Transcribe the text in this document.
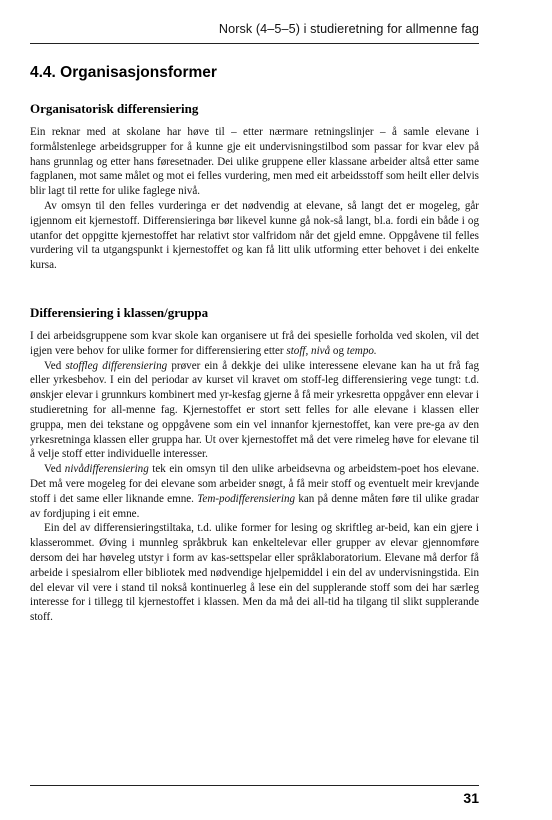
Norsk (4–5–5) i studieretning for allmenne fag
4.4. Organisasjonsformer
Organisatorisk differensiering

Ein reknar med at skolane har høve til – etter nærmare retningslinjer – å samle elevane i formålstenlege arbeidsgrupper for å kunne gje eit undervisningstilbod som passar for kvar elev på hans grunnlag og etter hans føresetnader. Dei ulike gruppene eller klassane arbeider altså etter same fagplanen, mot same målet og mot ei felles vurdering, men med eit arbeidsstoff som heilt eller delvis blir lagt til rette for ulike faglege nivå.

Av omsyn til den felles vurderinga er det nødvendig at elevane, så langt det er mogeleg, går igjennom eit kjernestoff. Differensieringa bør likevel kunne gå nok-så langt, bl.a. fordi ein både i og utanfor det oppgitte kjernestoffet har relativt stor valfridom når det gjeld emne. Oppgåvene til felles vurdering vil ta utgangspunkt i kjernestoffet og kan få litt ulik utforming etter behovet i dei enkelte kursa.

Differensiering i klassen/gruppa

I dei arbeidsgruppene som kvar skole kan organisere ut frå dei spesielle forholda ved skolen, vil det igjen vere behov for ulike former for differensiering etter stoff, nivå og tempo.

Ved stoffleg differensiering prøver ein å dekkje dei ulike interessene elevane kan ha ut frå fag eller yrkesbehov. I ein del periodar av kurset vil kravet om stoff-leg differensiering vege tungt: t.d. ønskjer elevar i grunnkurs kombinert med yr-kesfag gjerne å få meir yrkesretta oppgåver enn elevar i studieretning for all-menne fag. Kjernestoffet er stort sett felles for alle elevane i klassen eller gruppa, men dei tekstane og oppgåvene som ein vel innanfor kjernestoffet, kan vere pre-ga av den yrkesretninga klassen eller gruppa har. Ut over kjernestoffet må det vere rimeleg høve for elevane til å velje stoff etter individuelle interesser.

Ved nivådifferensiering tek ein omsyn til den ulike arbeidsevna og arbeidstem-poet hos elevane. Det må vere mogeleg for dei elevane som arbeider snøgt, å få meir stoff og eventuelt meir krevjande stoff i det same eller liknande emne. Tem-podifferensiering kan på denne måten føre til ulike gradar av fordjuping i eit emne.

Ein del av differensieringstiltaka, t.d. ulike former for lesing og skriftleg ar-beid, kan ein gjere i klasserommet. Øving i munnleg språkbruk kan enkeltelevar eller grupper av elevar gjennomføre dersom dei har høveleg utstyr i form av kas-settspelar eller språklaboratorium. Elevane må derfor få arbeide i spesialrom eller bibliotek med nødvendige hjelpemiddel i ein del av undervisningstida. Ein del elevar vil vere i stand til nokså kontinuerleg å lese ein del supplerande stoff som dei har særleg interesse for i tillegg til kjernestoffet i klassen. Men da må dei all-tid ha tilgang til slikt supplerande stoff.

31
